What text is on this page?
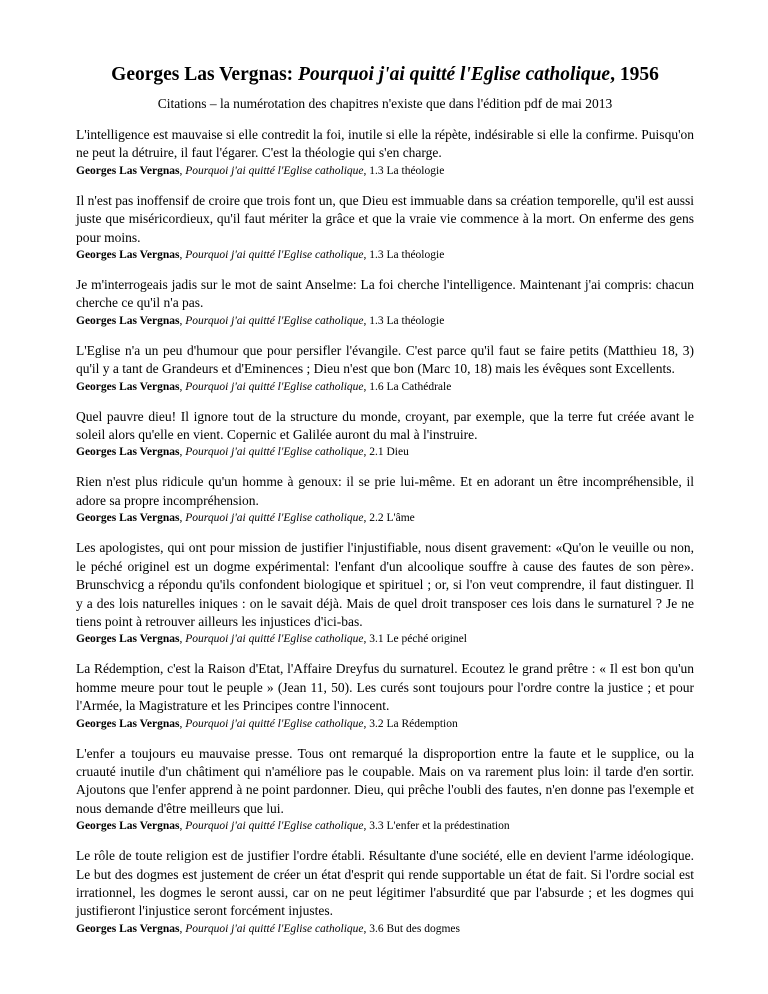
Georges Las Vergnas: Pourquoi j'ai quitté l'Eglise catholique, 1956

Citations – la numérotation des chapitres n'existe que dans l'édition pdf de mai 2013

L'intelligence est mauvaise si elle contredit la foi, inutile si elle la répète, indésirable si elle la confirme. Puisqu'on ne peut la détruire, il faut l'égarer. C'est la théologie qui s'en charge.

Georges Las Vergnas, Pourquoi j'ai quitté l'Eglise catholique, 1.3 La théologie

Il n'est pas inoffensif de croire que trois font un, que Dieu est immuable dans sa création temporelle, qu'il est aussi juste que miséricordieux, qu'il faut mériter la grâce et que la vraie vie commence à la mort. On enferme des gens pour moins.

Georges Las Vergnas, Pourquoi j'ai quitté l'Eglise catholique, 1.3 La théologie

Je m'interrogeais jadis sur le mot de saint Anselme: La foi cherche l'intelligence. Maintenant j'ai compris: chacun cherche ce qu'il n'a pas.

Georges Las Vergnas, Pourquoi j'ai quitté l'Eglise catholique, 1.3 La théologie

L'Eglise n'a un peu d'humour que pour persifler l'évangile. C'est parce qu'il faut se faire petits (Matthieu 18, 3) qu'il y a tant de Grandeurs et d'Eminences ; Dieu n'est que bon (Marc 10, 18) mais les évêques sont Excellents.

Georges Las Vergnas, Pourquoi j'ai quitté l'Eglise catholique, 1.6 La Cathédrale

Quel pauvre dieu! Il ignore tout de la structure du monde, croyant, par exemple, que la terre fut créée avant le soleil alors qu'elle en vient. Copernic et Galilée auront du mal à l'instruire.

Georges Las Vergnas, Pourquoi j'ai quitté l'Eglise catholique, 2.1 Dieu

Rien n'est plus ridicule qu'un homme à genoux: il se prie lui-même. Et en adorant un être incompréhensible, il adore sa propre incompréhension.

Georges Las Vergnas, Pourquoi j'ai quitté l'Eglise catholique, 2.2 L'âme

Les apologistes, qui ont pour mission de justifier l'injustifiable, nous disent gravement: «Qu'on le veuille ou non, le péché originel est un dogme expérimental: l'enfant d'un alcoolique souffre à cause des fautes de son père». Brunschvicg a répondu qu'ils confondent biologique et spirituel ; or, si l'on veut comprendre, il faut distinguer. Il y a des lois naturelles iniques : on le savait déjà. Mais de quel droit transposer ces lois dans le surnaturel ? Je ne tiens point à retrouver ailleurs les injustices d'ici-bas.

Georges Las Vergnas, Pourquoi j'ai quitté l'Eglise catholique, 3.1 Le péché originel

La Rédemption, c'est la Raison d'Etat, l'Affaire Dreyfus du surnaturel. Ecoutez le grand prêtre : « Il est bon qu'un homme meure pour tout le peuple » (Jean 11, 50). Les curés sont toujours pour l'ordre contre la justice ; et pour l'Armée, la Magistrature et les Principes contre l'innocent.

Georges Las Vergnas, Pourquoi j'ai quitté l'Eglise catholique, 3.2 La Rédemption

L'enfer a toujours eu mauvaise presse. Tous ont remarqué la disproportion entre la faute et le supplice, ou la cruauté inutile d'un châtiment qui n'améliore pas le coupable. Mais on va rarement plus loin: il tarde d'en sortir. Ajoutons que l'enfer apprend à ne point pardonner. Dieu, qui prêche l'oubli des fautes, n'en donne pas l'exemple et nous demande d'être meilleurs que lui.

Georges Las Vergnas, Pourquoi j'ai quitté l'Eglise catholique, 3.3 L'enfer et la prédestination

Le rôle de toute religion est de justifier l'ordre établi. Résultante d'une société, elle en devient l'arme idéologique. Le but des dogmes est justement de créer un état d'esprit qui rende supportable un état de fait. Si l'ordre social est irrationnel, les dogmes le seront aussi, car on ne peut légitimer l'absurdité que par l'absurde ; et les dogmes qui justifieront l'injustice seront forcément injustes.

Georges Las Vergnas, Pourquoi j'ai quitté l'Eglise catholique, 3.6 But des dogmes
